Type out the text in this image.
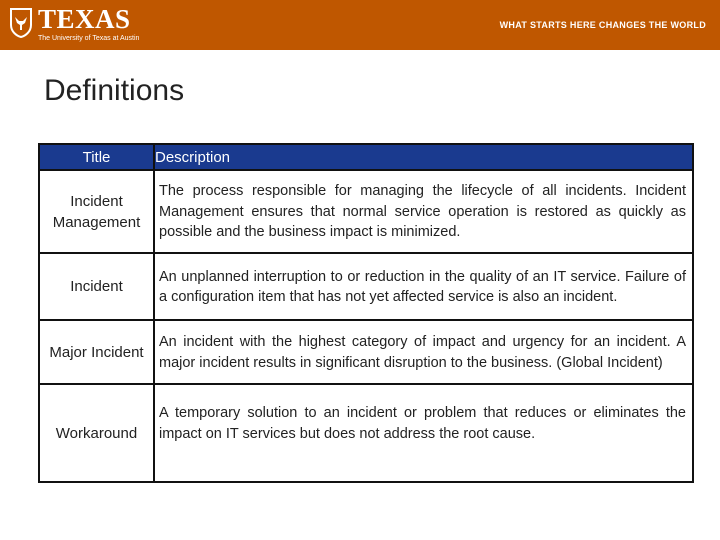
TEXAS
The University of Texas at Austin
WHAT STARTS HERE CHANGES THE WORLD
Definitions
Title	Description
Incident Management	The process responsible for managing the lifecycle of all incidents. Incident Management ensures that normal service operation is restored as quickly as possible and the business impact is minimized.
Incident	An unplanned interruption to or reduction in the quality of an IT service. Failure of a configuration item that has not yet affected service is also an incident.
Major Incident	An incident with the highest category of impact and urgency for an incident. A major incident results in significant disruption to the business. (Global Incident)
Workaround	A temporary solution to an incident or problem that reduces or eliminates the impact on IT services but does not address the root cause.
